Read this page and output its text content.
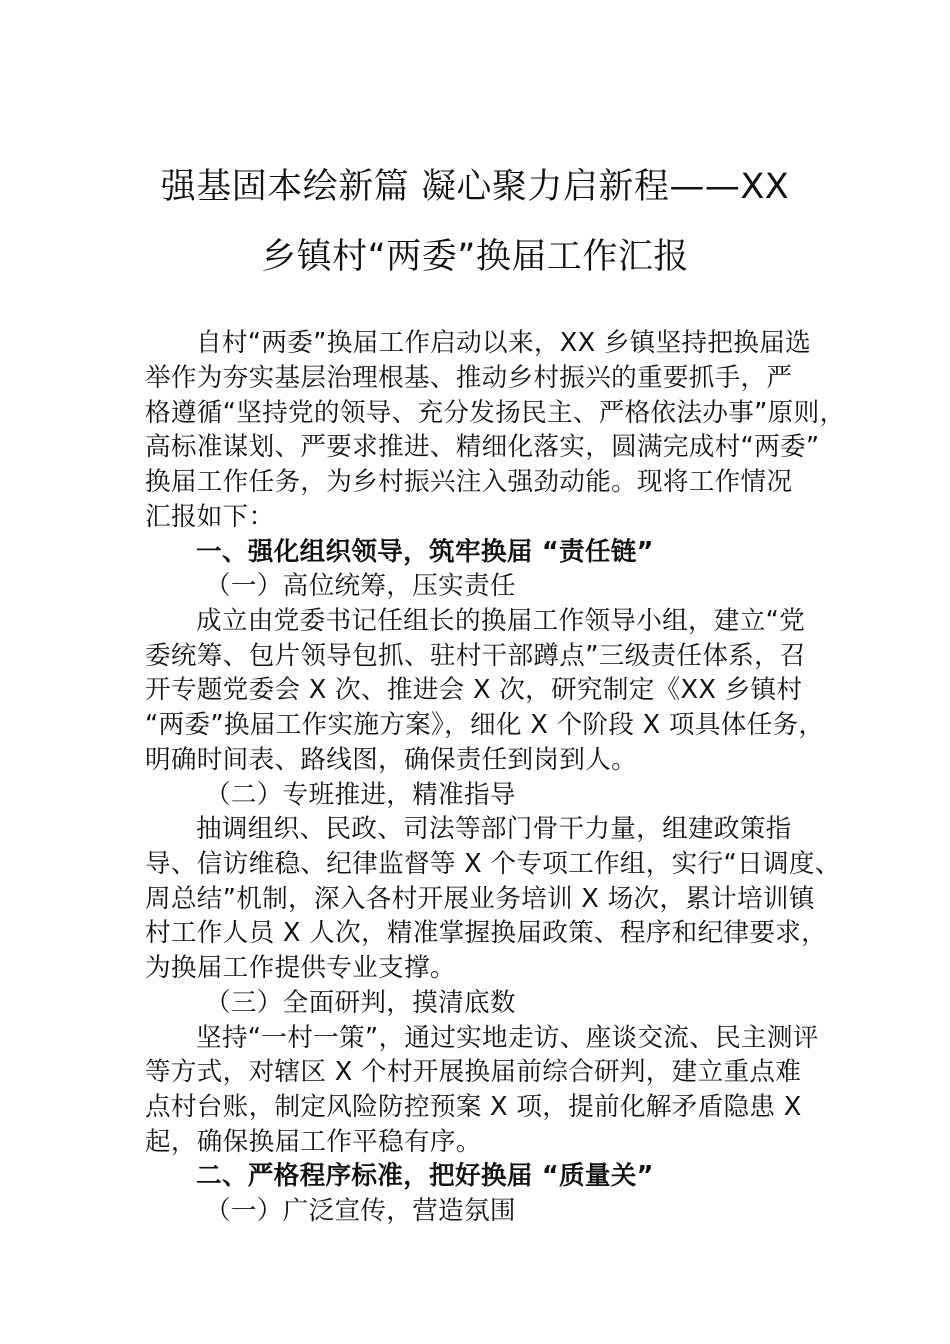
强基固本绘新篇 凝心聚力启新程——XX
乡镇村“两委”换届工作汇报
自村“两委”换届工作启动以来，XX 乡镇坚持把换届选
举作为夯实基层治理根基、推动乡村振兴的重要抓手，严
格遵循“坚持党的领导、充分发扬民主、严格依法办事”原则，
高标准谋划、严要求推进、精细化落实，圆满完成村“两委”
换届工作任务，为乡村振兴注入强劲动能。现将工作情况
汇报如下：
一、强化组织领导，筑牢换届 “责任链”
（一）高位统筹，压实责任
成立由党委书记任组长的换届工作领导小组，建立“党
委统筹、包片领导包抓、驻村干部蹲点”三级责任体系，召
开专题党委会 X 次、推进会 X 次，研究制定《XX 乡镇村
“两委”换届工作实施方案》，细化 X 个阶段 X 项具体任务，
明确时间表、路线图，确保责任到岗到人。
（二）专班推进，精准指导
抽调组织、民政、司法等部门骨干力量，组建政策指
导、信访维稳、纪律监督等 X 个专项工作组，实行“日调度、
周总结”机制，深入各村开展业务培训 X 场次，累计培训镇
村工作人员 X 人次，精准掌握换届政策、程序和纪律要求，
为换届工作提供专业支撑。
（三）全面研判，摸清底数
坚持“一村一策”，通过实地走访、座谈交流、民主测评
等方式，对辖区 X 个村开展换届前综合研判，建立重点难
点村台账，制定风险防控预案 X 项，提前化解矛盾隐患 X
起，确保换届工作平稳有序。
二、严格程序标准，把好换届 “质量关”
（一）广泛宣传，营造氛围
